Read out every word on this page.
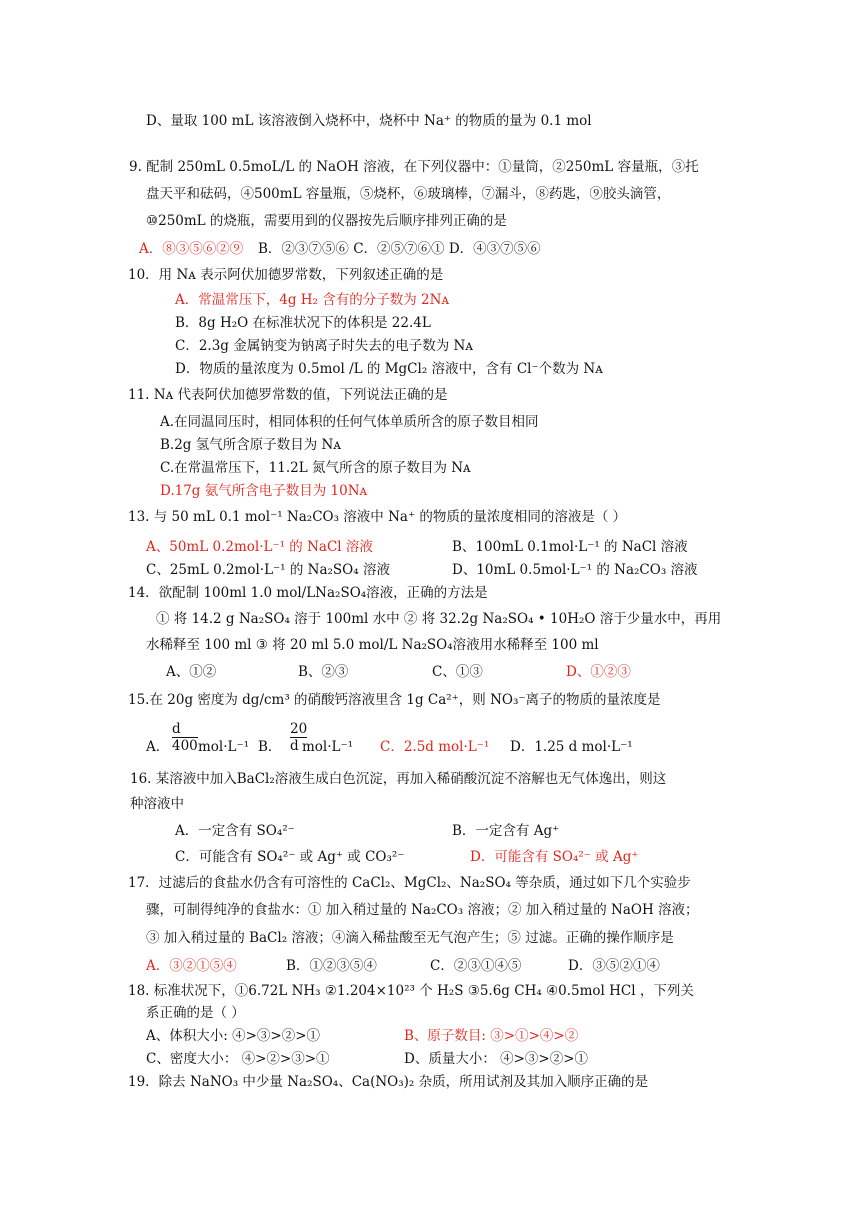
D、量取 100 mL 该溶液倒入烧杯中，烧杯中 Na⁺ 的物质的量为 0.1 mol
9. 配制 250mL 0.5moL/L 的 NaOH 溶液，在下列仪器中：①量筒，②250mL 容量瓶，③托
盘天平和砝码，④500mL 容量瓶，⑤烧杯，⑥玻璃棒，⑦漏斗，⑧药匙，⑨胶头滴管，
⑩250mL 的烧瓶，需要用到的仪器按先后顺序排列正确的是
A．⑧③⑤⑥②⑨ B．②③⑦⑤⑥ C．②⑤⑦⑥① D．④③⑦⑤⑥
10．用 Nᴀ 表示阿伏加德罗常数，下列叙述正确的是
A．常温常压下，4g H₂ 含有的分子数为 2Nᴀ
B．8g H₂O 在标准状况下的体积是 22.4L
C．2.3g 金属钠变为钠离子时失去的电子数为 Nᴀ
D．物质的量浓度为 0.5mol /L 的 MgCl₂ 溶液中，含有 Cl⁻个数为 Nᴀ
11. Nᴀ 代表阿伏加德罗常数的值，下列说法正确的是
A.在同温同压时，相同体积的任何气体单质所含的原子数目相同
B.2g 氢气所含原子数目为 Nᴀ
C.在常温常压下，11.2L 氮气所含的原子数目为 Nᴀ
D.17g 氨气所含电子数目为 10Nᴀ
13. 与 50 mL 0.1 mol⁻¹ Na₂CO₃ 溶液中 Na⁺ 的物质的量浓度相同的溶液是（ ）
A、50mL 0.2mol·L⁻¹ 的 NaCl 溶液	B、100mL 0.1mol·L⁻¹ 的 NaCl 溶液
C、25mL 0.2mol·L⁻¹ 的 Na₂SO₄ 溶液	D、10mL 0.5mol·L⁻¹ 的 Na₂CO₃ 溶液
14．欲配制 100ml 1.0 mol/LNa₂SO₄溶液，正确的方法是
① 将 14.2 g Na₂SO₄ 溶于 100ml 水中 ② 将 32.2g Na₂SO₄ • 10H₂O 溶于少量水中，再用
水稀释至 100 ml ③ 将 20 ml 5.0 mol/L Na₂SO₄溶液用水稀释至 100 ml
A、①②	B、②③	C、①③	D、①②③
15.在 20g 密度为 dg/cm³ 的硝酸钙溶液里含 1g Ca²⁺，则 NO₃⁻离子的物质的量浓度是
A． $\frac{d}{400} mol\cdot L^{-1}$ B． $\frac{20}{d}$
mol·L⁻¹ C．2.5d mol·L⁻¹ D．1.25 d mol·L⁻¹
16. 某溶液中加入BaCl₂溶液生成白色沉淀，再加入稀硝酸沉淀不溶解也无气体逸出，则这
种溶液中
A．一定含有 SO₄²⁻	B．一定含有 Ag⁺
C．可能含有 SO₄²⁻ 或 Ag⁺ 或 CO₃²⁻	D．可能含有 SO₄²⁻ 或 Ag⁺
17．过滤后的食盐水仍含有可溶性的 CaCl₂、MgCl₂、Na₂SO₄ 等杂质，通过如下几个实验步
骤，可制得纯净的食盐水：① 加入稍过量的 Na₂CO₃ 溶液；② 加入稍过量的 NaOH 溶液；
③ 加入稍过量的 BaCl₂ 溶液；④滴入稀盐酸至无气泡产生；⑤ 过滤。正确的操作顺序是
A．③②①⑤④	B．①②③⑤④	C．②③①④⑤	D．③⑤②①④
18. 标准状况下，①6.72L NH₃ ②1.204×10²³ 个 H₂S ③5.6g CH₄ ④0.5mol HCl ，下列关
系正确的是（ ）
A、体积大小: ④>③>②>①	B、原子数目: ③>①>④>②
C、密度大小： ④>②>③>①	D、质量大小： ④>③>②>①
19．除去 NaNO₃ 中少量 Na₂SO₄、Ca(NO₃)₂ 杂质，所用试剂及其加入顺序正确的是
